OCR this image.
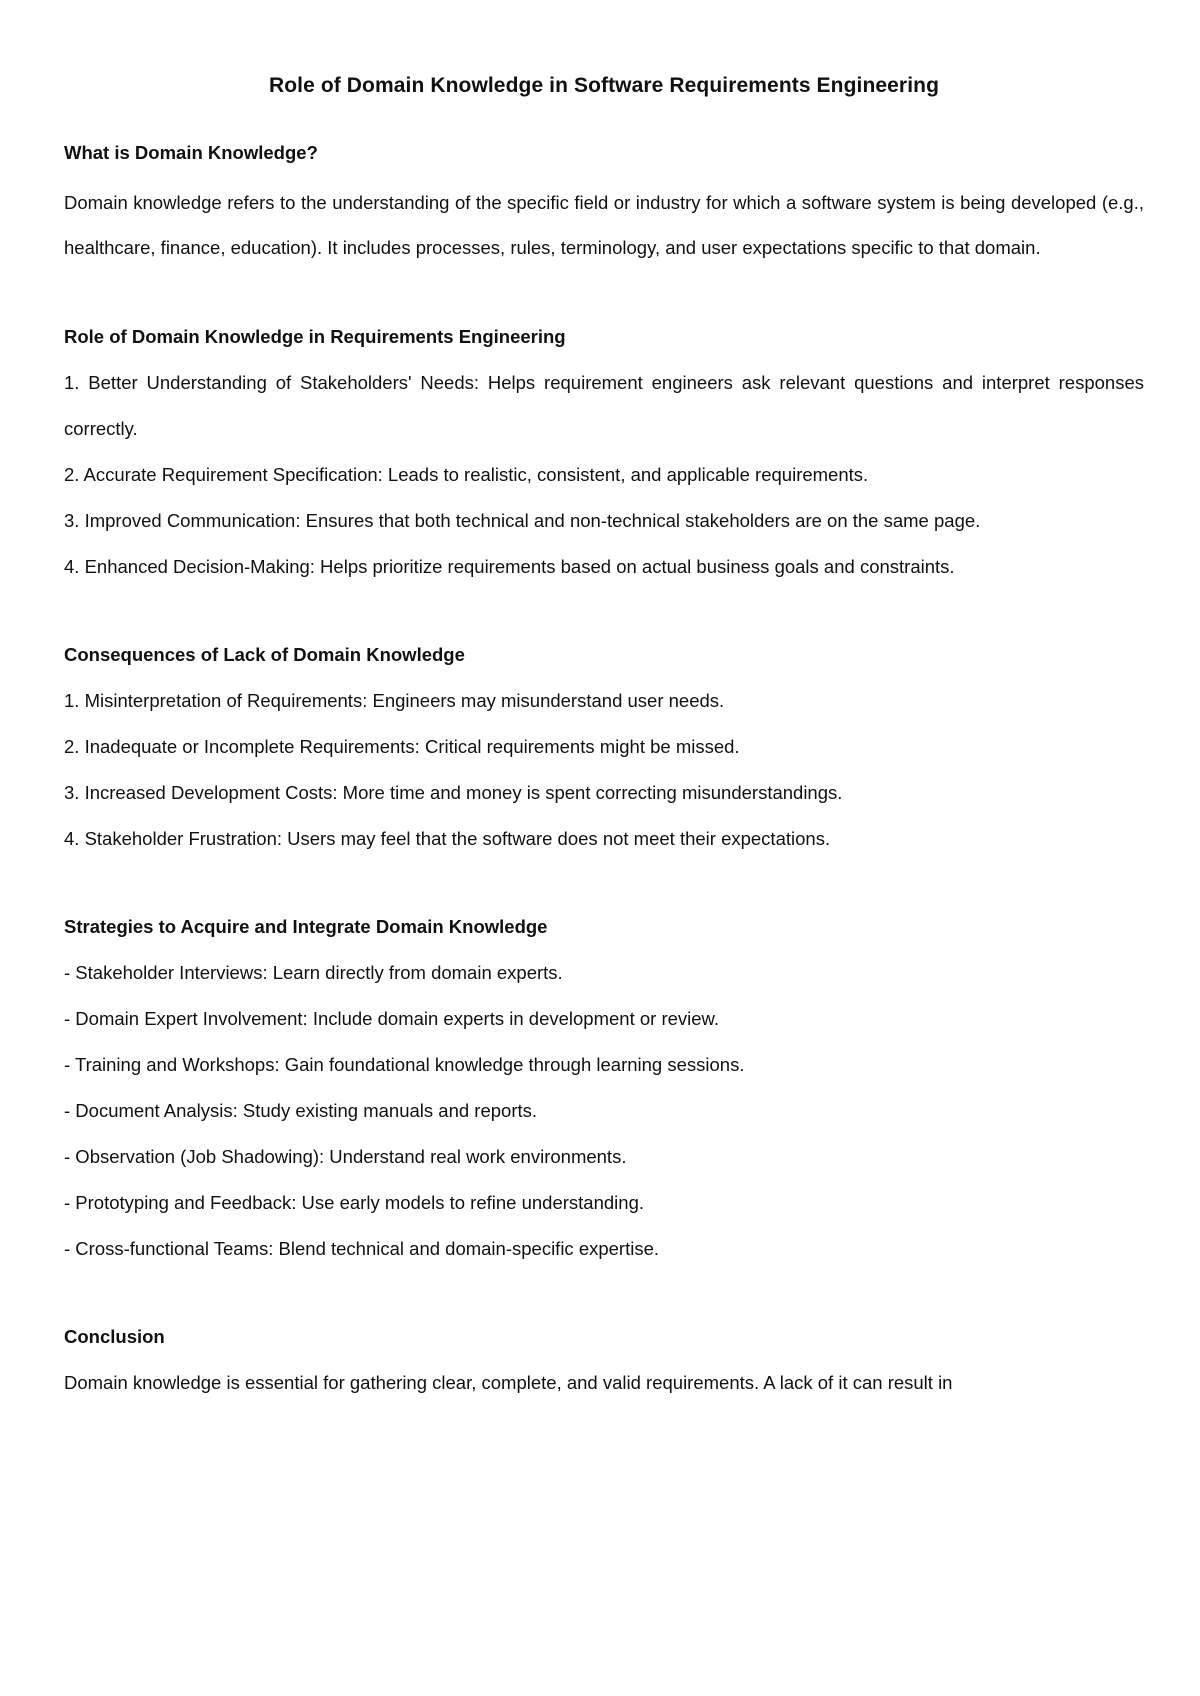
Role of Domain Knowledge in Software Requirements Engineering
What is Domain Knowledge?

Domain knowledge refers to the understanding of the specific field or industry for which a software system is being developed (e.g., healthcare, finance, education). It includes processes, rules, terminology, and user expectations specific to that domain.

Role of Domain Knowledge in Requirements Engineering
1. Better Understanding of Stakeholders' Needs: Helps requirement engineers ask relevant questions and interpret responses correctly.
2. Accurate Requirement Specification: Leads to realistic, consistent, and applicable requirements.
3. Improved Communication: Ensures that both technical and non-technical stakeholders are on the same page.
4. Enhanced Decision-Making: Helps prioritize requirements based on actual business goals and constraints.
Consequences of Lack of Domain Knowledge
1. Misinterpretation of Requirements: Engineers may misunderstand user needs.
2. Inadequate or Incomplete Requirements: Critical requirements might be missed.
3. Increased Development Costs: More time and money is spent correcting misunderstandings.
4. Stakeholder Frustration: Users may feel that the software does not meet their expectations.
Strategies to Acquire and Integrate Domain Knowledge
- Stakeholder Interviews: Learn directly from domain experts.
- Domain Expert Involvement: Include domain experts in development or review.
- Training and Workshops: Gain foundational knowledge through learning sessions.
- Document Analysis: Study existing manuals and reports.
- Observation (Job Shadowing): Understand real work environments.
- Prototyping and Feedback: Use early models to refine understanding.
- Cross-functional Teams: Blend technical and domain-specific expertise.
Conclusion

Domain knowledge is essential for gathering clear, complete, and valid requirements. A lack of it can result in
